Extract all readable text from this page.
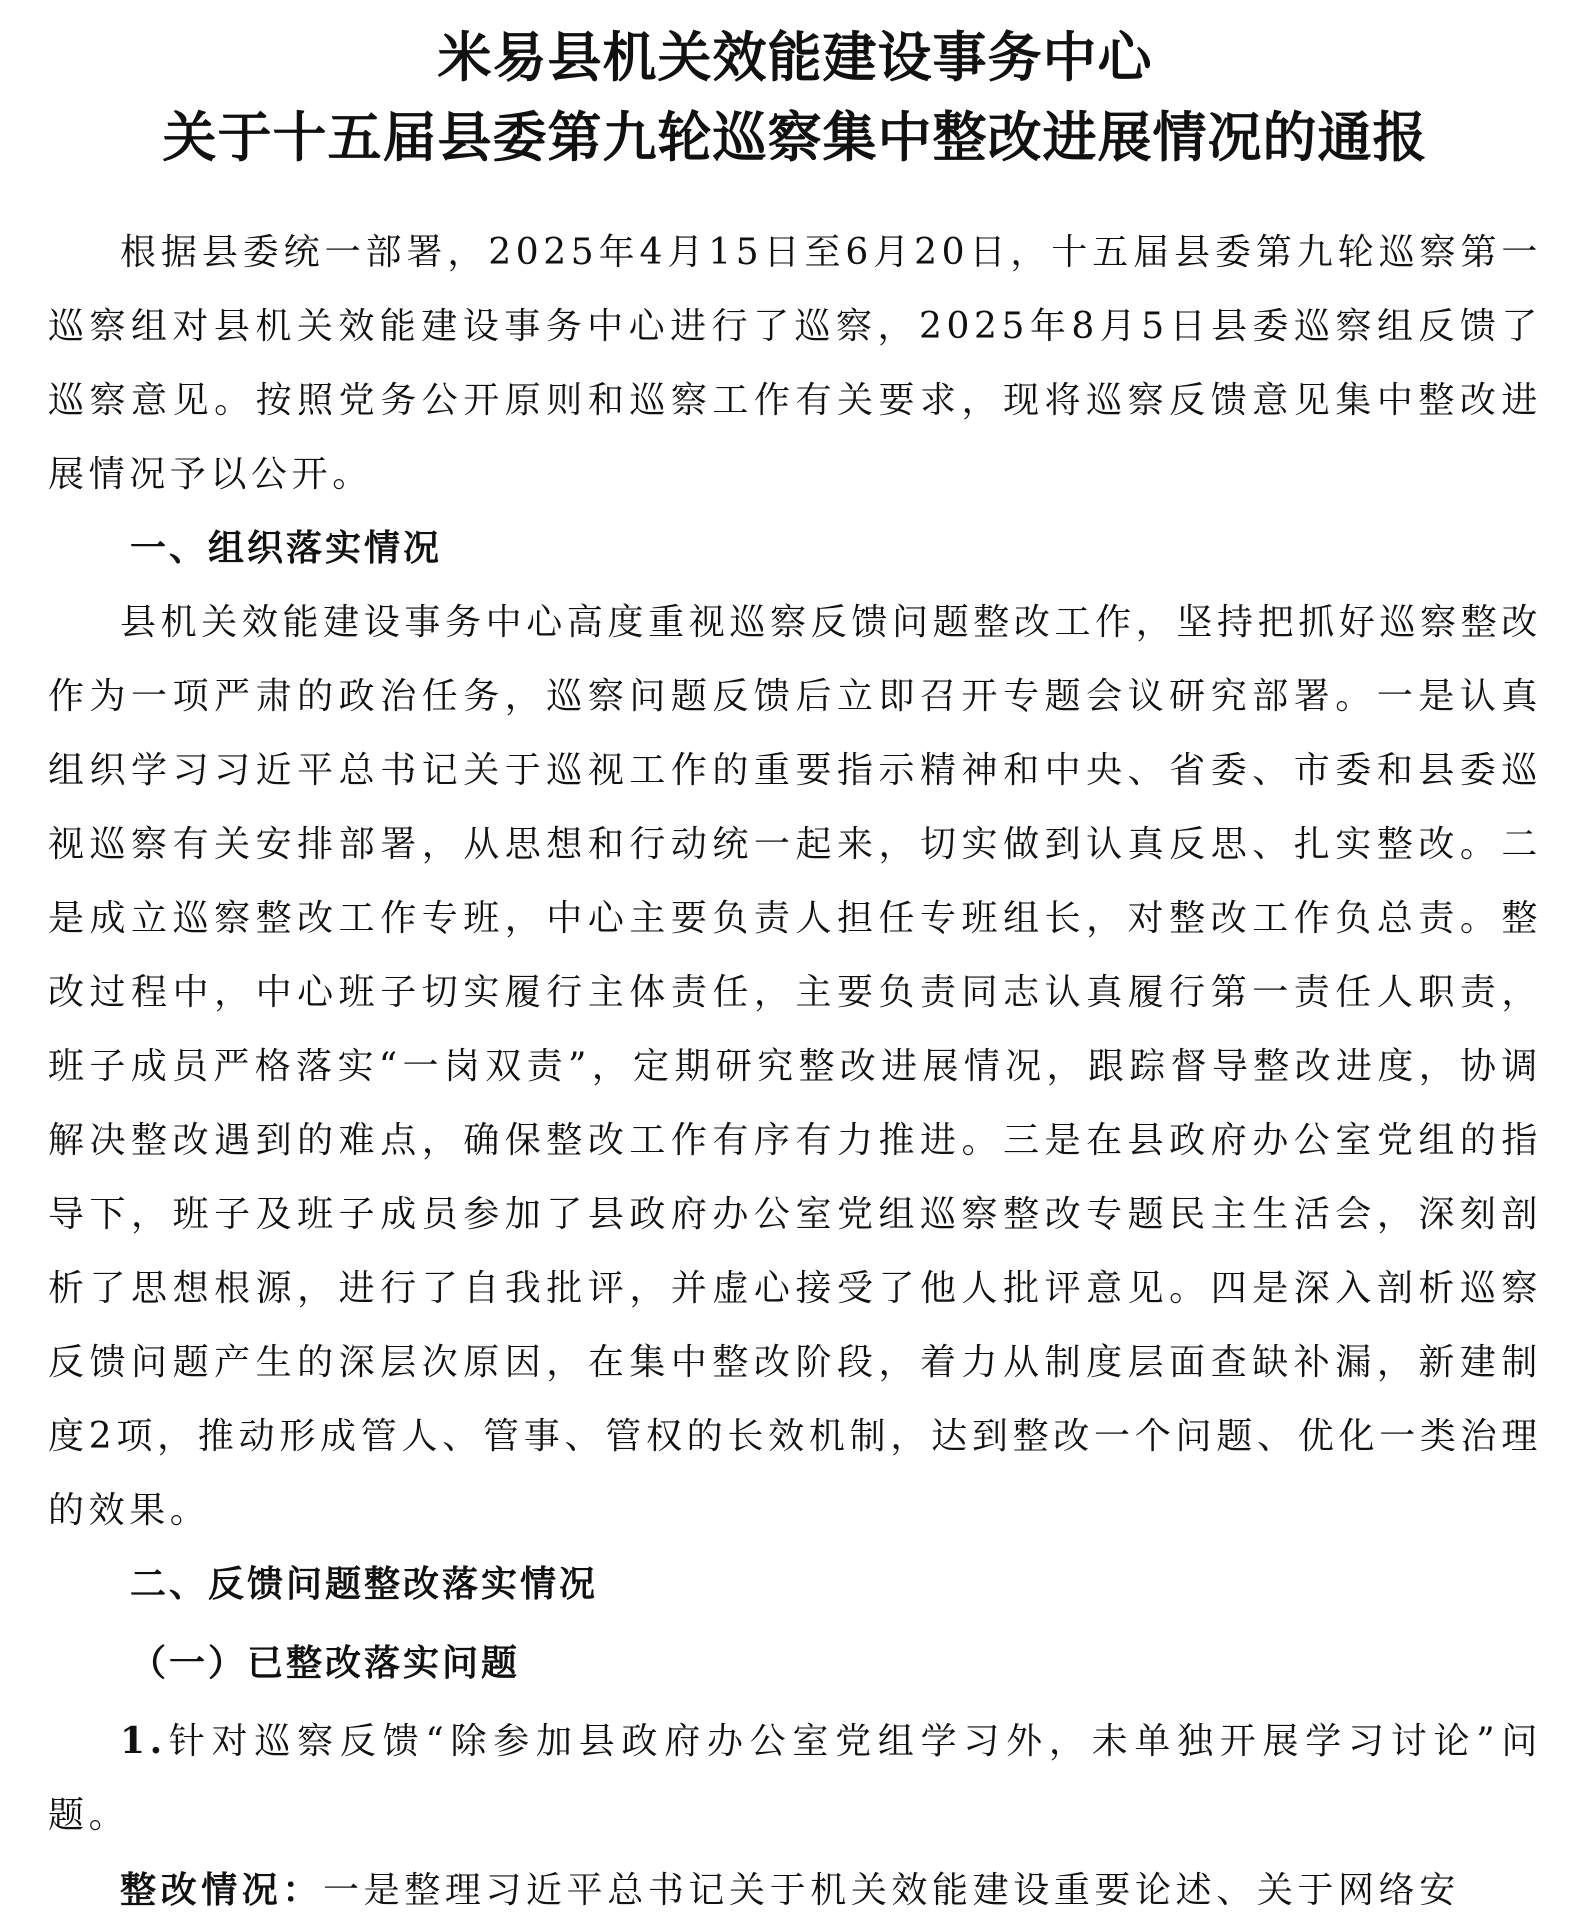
米易县机关效能建设事务中心
关于十五届县委第九轮巡察集中整改进展情况的通报

根据县委统一部署，2025年4月15日至6月20日，十五届县委第九轮巡察第一巡察组对县机关效能建设事务中心进行了巡察，2025年8月5日县委巡察组反馈了巡察意见。按照党务公开原则和巡察工作有关要求，现将巡察反馈意见集中整改进展情况予以公开。

一、组织落实情况

县机关效能建设事务中心高度重视巡察反馈问题整改工作，坚持把抓好巡察整改作为一项严肃的政治任务，巡察问题反馈后立即召开专题会议研究部署。一是认真组织学习习近平总书记关于巡视工作的重要指示精神和中央、省委、市委和县委巡视巡察有关安排部署，从思想和行动统一起来，切实做到认真反思、扎实整改。二是成立巡察整改工作专班，中心主要负责人担任专班组长，对整改工作负总责。整改过程中，中心班子切实履行主体责任，主要负责同志认真履行第一责任人职责，班子成员严格落实“一岗双责”，定期研究整改进展情况，跟踪督导整改进度，协调解决整改遇到的难点，确保整改工作有序有力推进。三是在县政府办公室党组的指导下，班子及班子成员参加了县政府办公室党组巡察整改专题民主生活会，深刻剖析了思想根源，进行了自我批评，并虚心接受了他人批评意见。四是深入剖析巡察反馈问题产生的深层次原因，在集中整改阶段，着力从制度层面查缺补漏，新建制度2项，推动形成管人、管事、管权的长效机制，达到整改一个问题、优化一类治理的效果。

二、反馈问题整改落实情况
（一）已整改落实问题

1.针对巡察反馈“除参加县政府办公室党组学习外，未单独开展学习讨论”问题。

整改情况：一是整理习近平总书记关于机关效能建设重要论述、关于网络安
